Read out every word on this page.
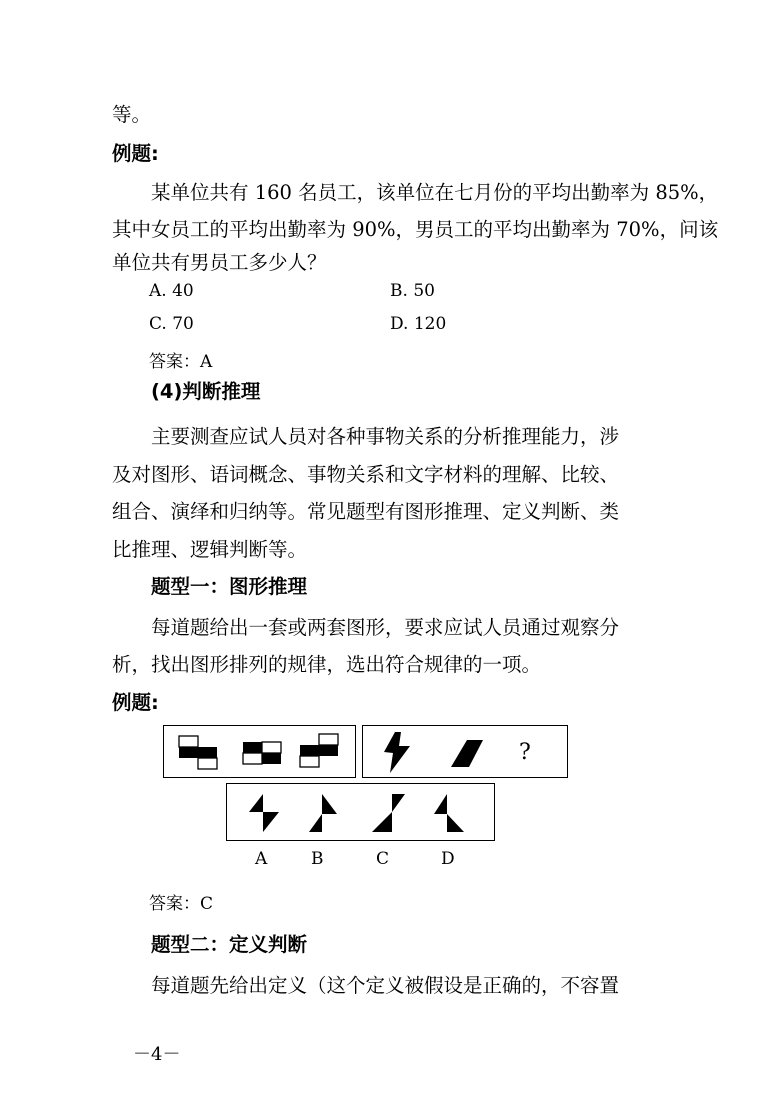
等。
例题:
某单位共有 160 名员工，该单位在七月份的平均出勤率为 85%，
其中女员工的平均出勤率为 90%，男员工的平均出勤率为 70%，问该
单位共有男员工多少人？
A. 40	B. 50
C. 70	D. 120
答案：A
(4)判断推理
主要测查应试人员对各种事物关系的分析推理能力，涉
及对图形、语词概念、事物关系和文字材料的理解、比较、
组合、演绎和归纳等。常见题型有图形推理、定义判断、类
比推理、逻辑判断等。
题型一：图形推理
每道题给出一套或两套图形，要求应试人员通过观察分
析，找出图形排列的规律，选出符合规律的一项。
例题:
?
A	B	C	D
答案：C
题型二：定义判断
每道题先给出定义（这个定义被假设是正确的，不容置
－4－
